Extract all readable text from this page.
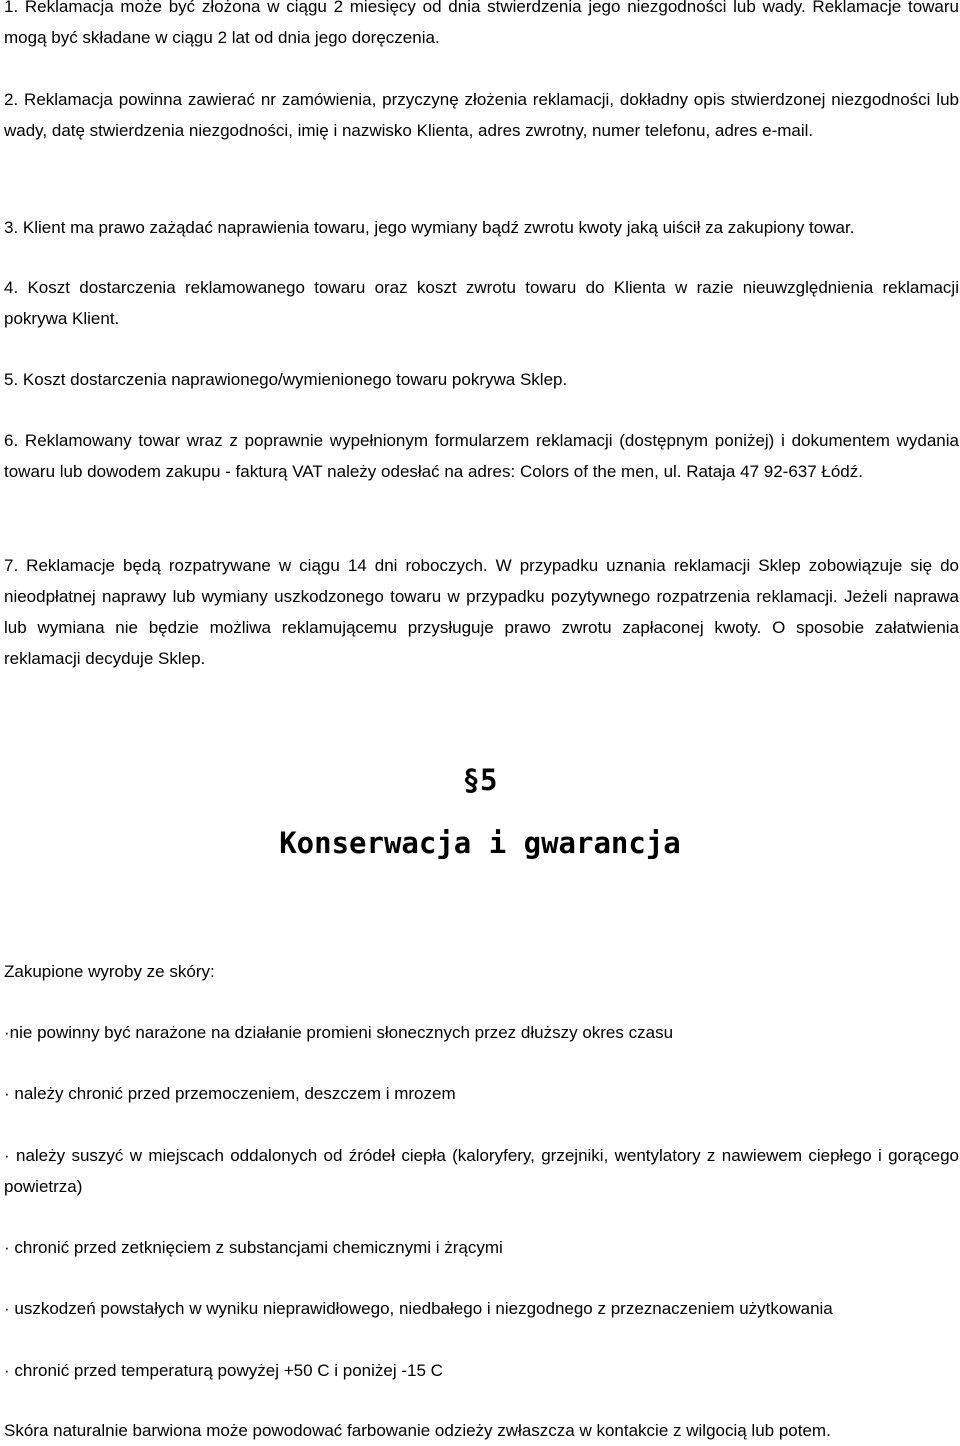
1. Reklamacja może być złożona w ciągu 2 miesięcy od dnia stwierdzenia jego niezgodności lub wady. Reklamacje towaru mogą być składane w ciągu 2 lat od dnia jego doręczenia.

2. Reklamacja powinna zawierać nr zamówienia, przyczynę złożenia reklamacji, dokładny opis stwierdzonej niezgodności lub wady, datę stwierdzenia niezgodności, imię i nazwisko Klienta, adres zwrotny, numer telefonu, adres e-mail.

3. Klient ma prawo zażądać naprawienia towaru, jego wymiany bądź zwrotu kwoty jaką uiścił za zakupiony towar.

4. Koszt dostarczenia reklamowanego towaru oraz koszt zwrotu towaru do Klienta w razie nieuwzględnienia reklamacji pokrywa Klient.

5. Koszt dostarczenia naprawionego/wymienionego towaru pokrywa Sklep.

6. Reklamowany towar wraz z poprawnie wypełnionym formularzem reklamacji (dostępnym poniżej) i dokumentem wydania towaru lub dowodem zakupu - fakturą VAT należy odesłać na adres: Colors of the men, ul. Rataja 47 92-637 Łódź.

7. Reklamacje będą rozpatrywane w ciągu 14 dni roboczych. W przypadku uznania reklamacji Sklep zobowiązuje się do nieodpłatnej naprawy lub wymiany uszkodzonego towaru w przypadku pozytywnego rozpatrzenia reklamacji. Jeżeli naprawa lub wymiana nie będzie możliwa reklamującemu przysługuje prawo zwrotu zapłaconej kwoty. O sposobie załatwienia reklamacji decyduje Sklep.

§5
Konserwacja i gwarancja

Zakupione wyroby ze skóry:

·nie powinny być narażone na działanie promieni słonecznych przez dłuższy okres czasu

· należy chronić przed przemoczeniem, deszczem i mrozem

· należy suszyć w miejscach oddalonych od źródeł ciepła (kaloryfery, grzejniki, wentylatory z nawiewem ciepłego i gorącego powietrza)

· chronić przed zetknięciem z substancjami chemicznymi i żrącymi

· uszkodzeń powstałych w wyniku nieprawidłowego, niedbałego i niezgodnego z przeznaczeniem użytkowania

· chronić przed temperaturą powyżej +50 C i poniżej -15 C

Skóra naturalnie barwiona może powodować farbowanie odzieży zwłaszcza w kontakcie z wilgocią lub potem.
